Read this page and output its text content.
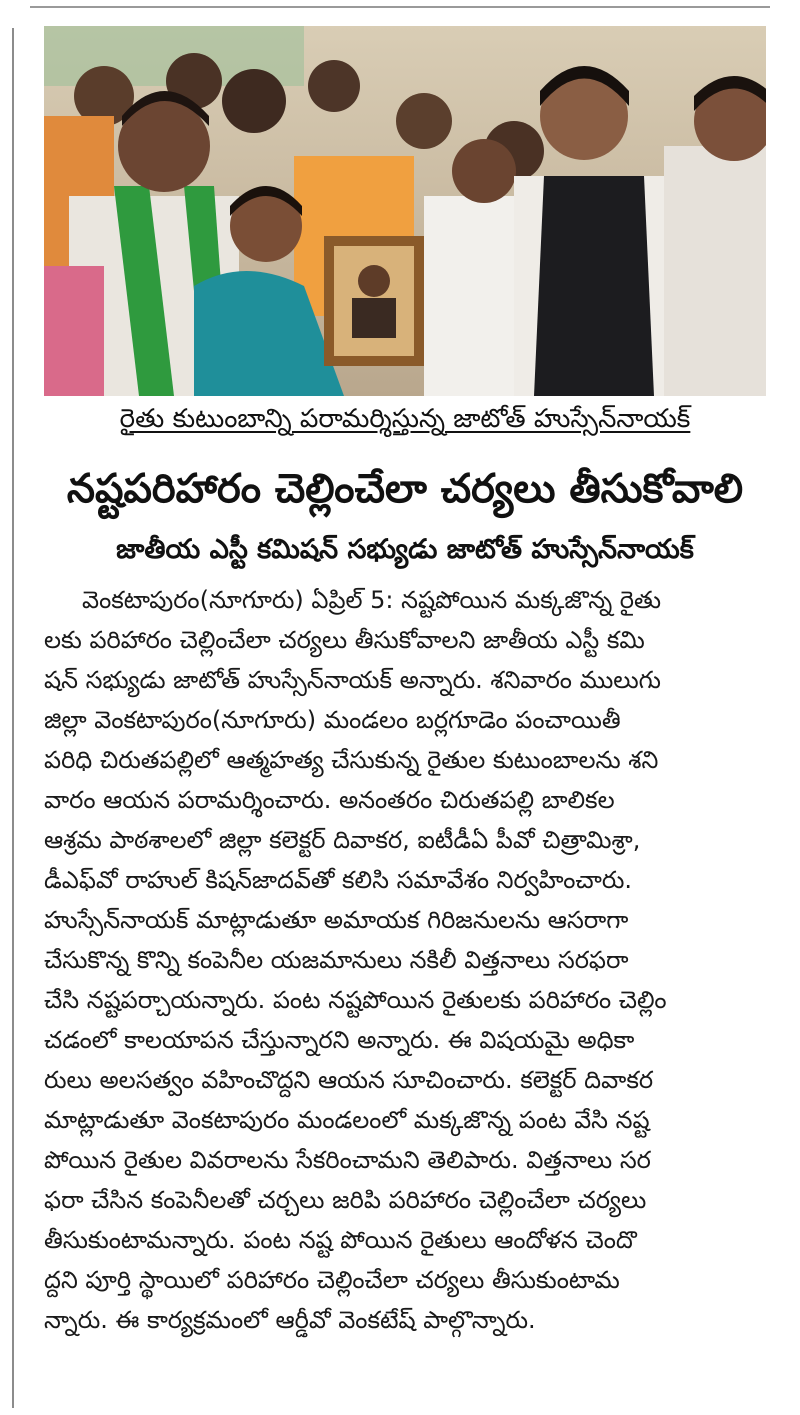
రైతు కుటుంబాన్ని పరామర్శిస్తున్న జాటోత్ హుస్సేన్‌నాయక్
నష్టపరిహారం చెల్లించేలా చర్యలు తీసుకోవాలి
జాతీయ ఎస్టీ కమిషన్ సభ్యుడు జాటోత్ హుస్సేన్‌నాయక్
వెంకటాపురం(నూగూరు) ఏప్రిల్ 5: నష్టపోయిన మక్కజొన్న రైతు
లకు పరిహారం చెల్లించేలా చర్యలు తీసుకోవాలని జాతీయ ఎస్టీ కమి
షన్ సభ్యుడు జాటోత్ హుస్సేన్‌నాయక్ అన్నారు. శనివారం ములుగు
జిల్లా వెంకటాపురం(నూగూరు) మండలం బర్లగూడెం పంచాయితీ
పరిధి చిరుతపల్లిలో ఆత్మహత్య చేసుకున్న రైతుల కుటుంబాలను శని
వారం ఆయన పరామర్శించారు. అనంతరం చిరుతపల్లి బాలికల
ఆశ్రమ పాఠశాలలో జిల్లా కలెక్టర్ దివాకర, ఐటీడీఏ పీవో చిత్రామిశ్రా,
డీఎఫ్‌వో రాహుల్ కిషన్‌జాదవ్‌తో కలిసి సమావేశం నిర్వహించారు.
హుస్సేన్‌నాయక్ మాట్లాడుతూ అమాయక గిరిజనులను ఆసరాగా
చేసుకొన్న కొన్ని కంపెనీల యజమానులు నకిలీ విత్తనాలు సరఫరా
చేసి నష్టపర్చాయన్నారు. పంట నష్టపోయిన రైతులకు పరిహారం చెల్లిం
చడంలో కాలయాపన చేస్తున్నారని అన్నారు. ఈ విషయమై అధికా
రులు అలసత్వం వహించొద్దని ఆయన సూచించారు. కలెక్టర్ దివాకర
మాట్లాడుతూ వెంకటాపురం మండలంలో మక్కజొన్న పంట వేసి నష్ట
పోయిన రైతుల వివరాలను సేకరించామని తెలిపారు. విత్తనాలు సర
ఫరా చేసిన కంపెనీలతో చర్చలు జరిపి పరిహారం చెల్లించేలా చర్యలు
తీసుకుంటామన్నారు. పంట నష్ట పోయిన రైతులు ఆందోళన చెందొ
ద్దని పూర్తి స్థాయిలో పరిహారం చెల్లించేలా చర్యలు తీసుకుంటామ
న్నారు. ఈ కార్యక్రమంలో ఆర్డీవో వెంకటేష్ పాల్గొన్నారు.
